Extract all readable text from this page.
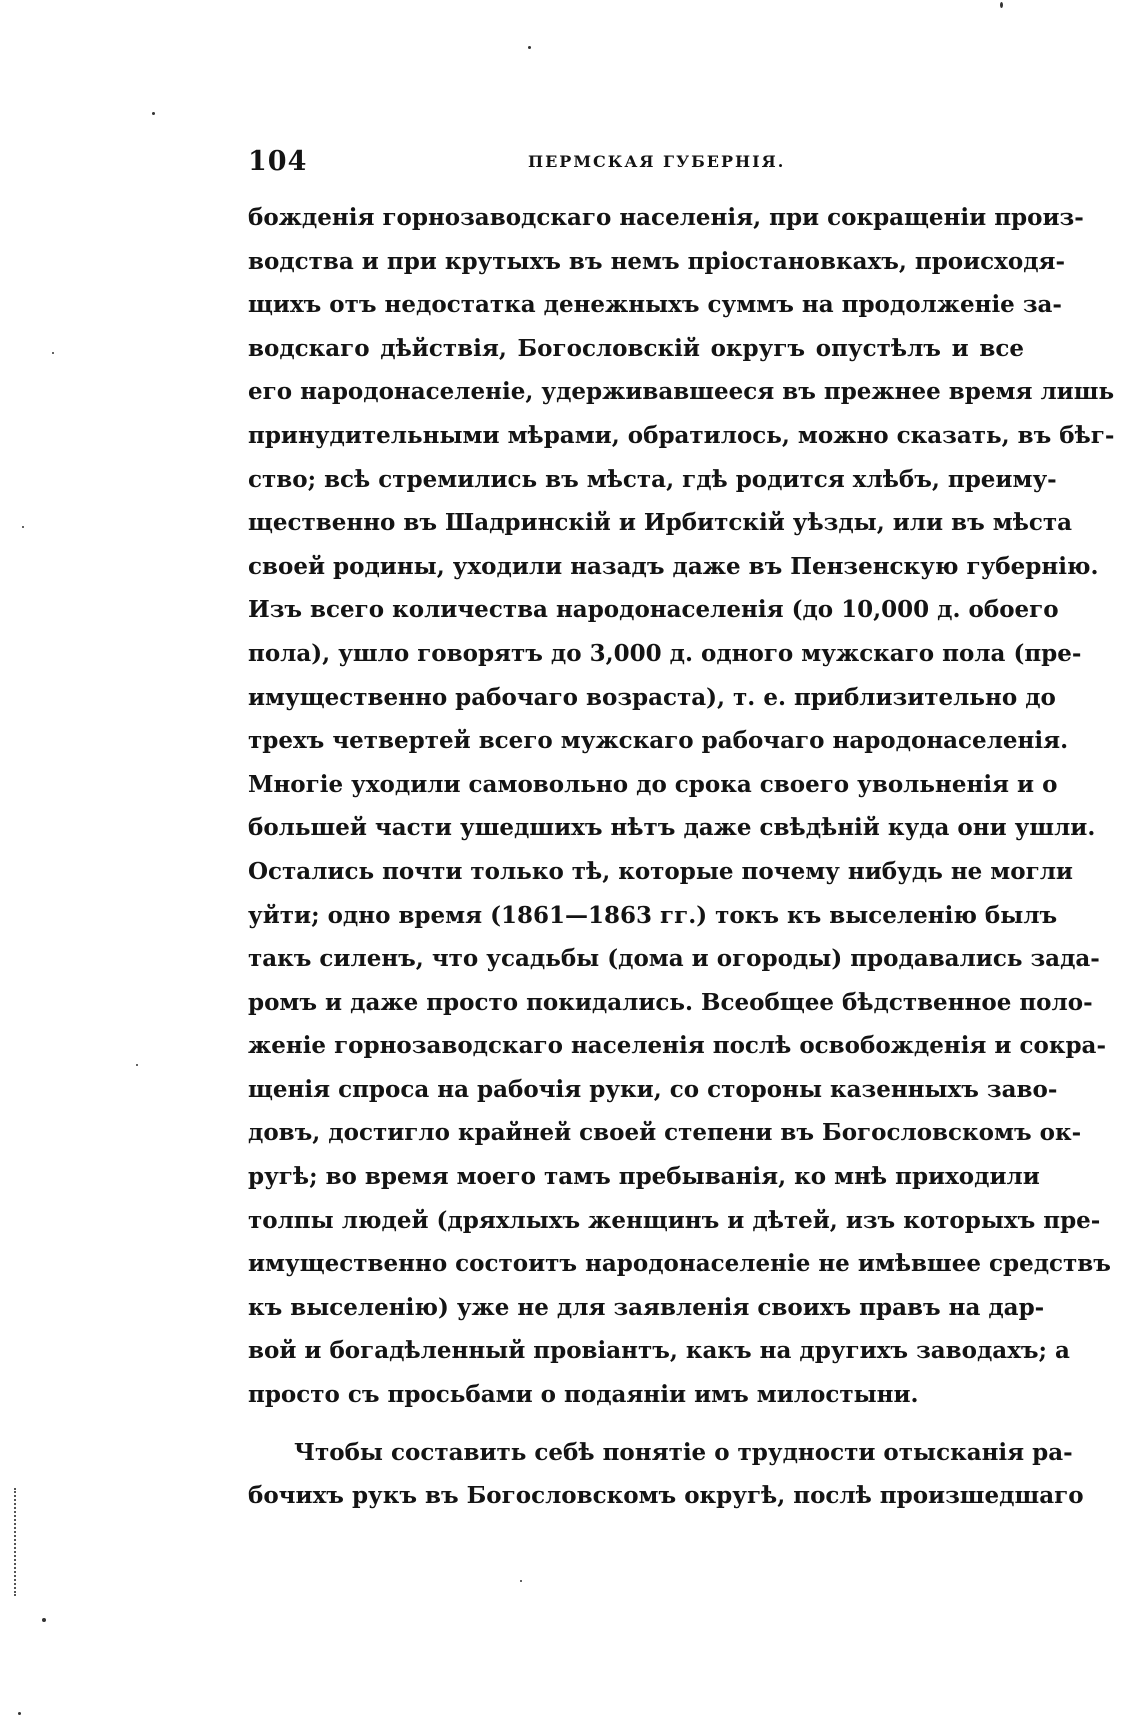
104	ПЕРМСКАЯ ГУБЕРНІЯ.
божденія горнозаводскаго населенія, при сокращеніи произ-
водства и при крутыхъ въ немъ пріостановкахъ, происходя-
щихъ отъ недостатка денежныхъ суммъ на продолженіе за-
водскаго дѣйствія, Богословскій округъ опустѣлъ и все
его народонаселеніе, удерживавшееся въ прежнее время лишь
принудительными мѣрами, обратилось, можно сказать, въ бѣг-
ство; всѣ стремились въ мѣста, гдѣ родится хлѣбъ, преиму-
щественно въ Шадринскій и Ирбитскій уѣзды, или въ мѣста
своей родины, уходили назадъ даже въ Пензенскую губернію.
Изъ всего количества народонаселенія (до 10,000 д. обоего
пола), ушло говорятъ до 3,000 д. одного мужскаго пола (пре-
имущественно рабочаго возраста), т. е. приблизительно до
трехъ четвертей всего мужскаго рабочаго народонаселенія.
Многіе уходили самовольно до срока своего увольненія и о
большей части ушедшихъ нѣтъ даже свѣдѣній куда они ушли.
Остались почти только тѣ, которые почему нибудь не могли
уйти; одно время (1861—1863 гг.) токъ къ выселенію былъ
такъ силенъ, что усадьбы (дома и огороды) продавались зада-
ромъ и даже просто покидались. Всеобщее бѣдственное поло-
женіе горнозаводскаго населенія послѣ освобожденія и сокра-
щенія спроса на рабочія руки, со стороны казенныхъ заво-
довъ, достигло крайней своей степени въ Богословскомъ ок-
ругѣ; во время моего тамъ пребыванія, ко мнѣ приходили
толпы людей (дряхлыхъ женщинъ и дѣтей, изъ которыхъ пре-
имущественно состоитъ народонаселеніе не имѣвшее средствъ
къ выселенію) уже не для заявленія своихъ правъ на дар-
вой и богадѣленный провіантъ, какъ на другихъ заводахъ; а
просто съ просьбами о подаяніи имъ милостыни.
Чтобы составить себѣ понятіе о трудности отысканія ра-
бочихъ рукъ въ Богословскомъ округѣ, послѣ произшедшаго
